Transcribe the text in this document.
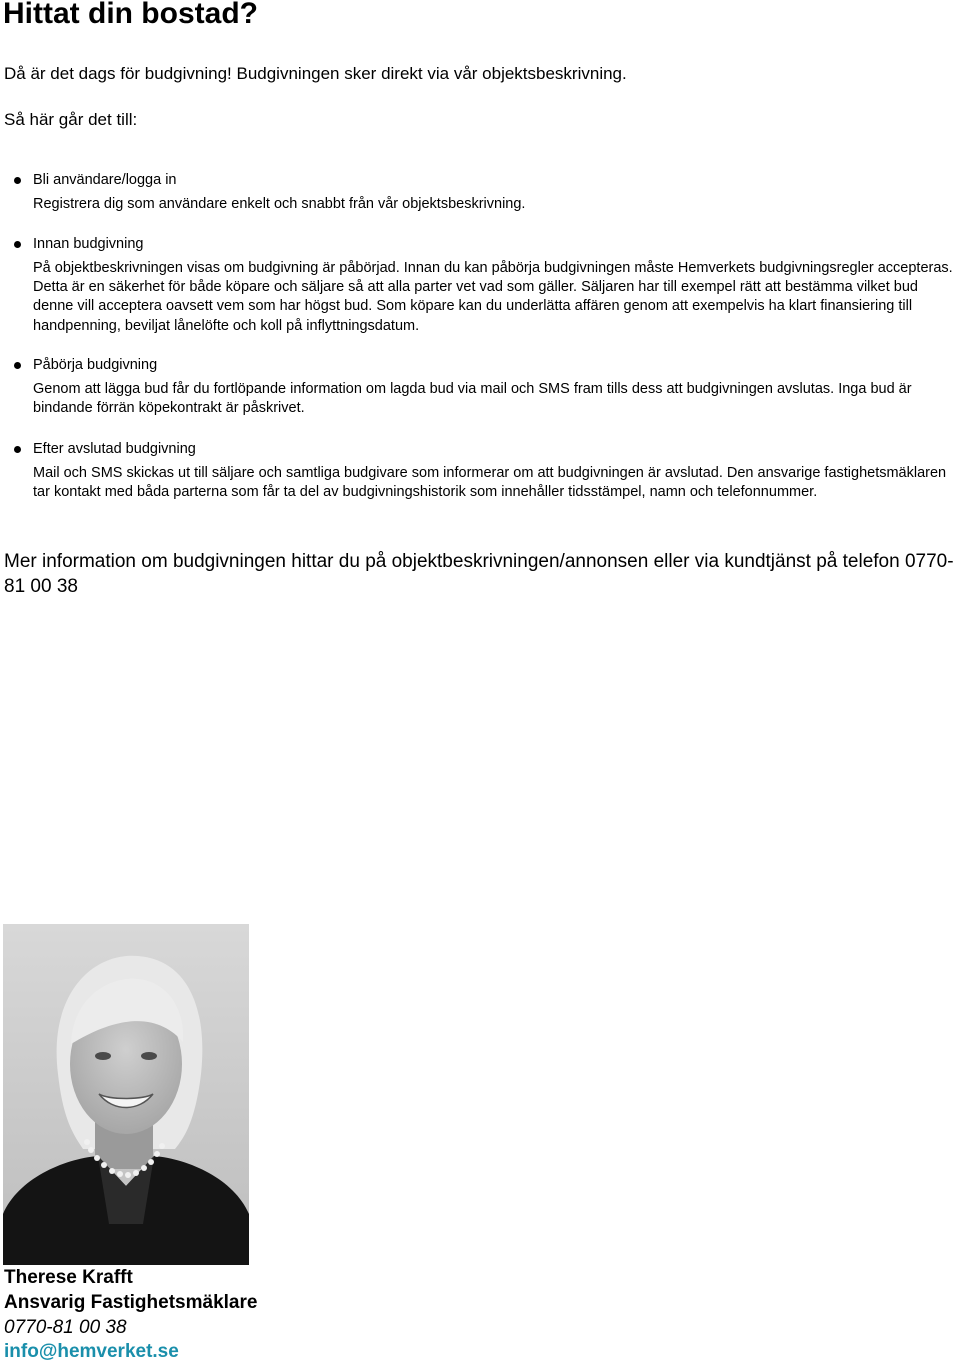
Hittat din bostad?

Då är det dags för budgivning! Budgivningen sker direkt via vår objektsbeskrivning.

Så här går det till:

Bli användare/logga in

Registrera dig som användare enkelt och snabbt från vår objektsbeskrivning.

Innan budgivning

På objektbeskrivningen visas om budgivning är påbörjad. Innan du kan påbörja budgivningen måste Hemverkets budgivningsregler accepteras. Detta är en säkerhet för både köpare och säljare så att alla parter vet vad som gäller. Säljaren har till exempel rätt att bestämma vilket bud denne vill acceptera oavsett vem som har högst bud. Som köpare kan du underlätta affären genom att exempelvis ha klart finansiering till handpenning, beviljat lånelöfte och koll på inflyttningsdatum.

Påbörja budgivning

Genom att lägga bud får du fortlöpande information om lagda bud via mail och SMS fram tills dess att budgivningen avslutas. Inga bud är bindande förrän köpekontrakt är påskrivet.

Efter avslutad budgivning

Mail och SMS skickas ut till säljare och samtliga budgivare som informerar om att budgivningen är avslutad. Den ansvarige fastighetsmäklaren tar kontakt med båda parterna som får ta del av budgivningshistorik som innehåller tidsstämpel, namn och telefonnummer.

Mer information om budgivningen hittar du på objektbeskrivningen/annonsen eller via kundtjänst på telefon 0770-81 00 38

Therese Krafft

Ansvarig Fastighetsmäklare

0770-81 00 38

info@hemverket.se
